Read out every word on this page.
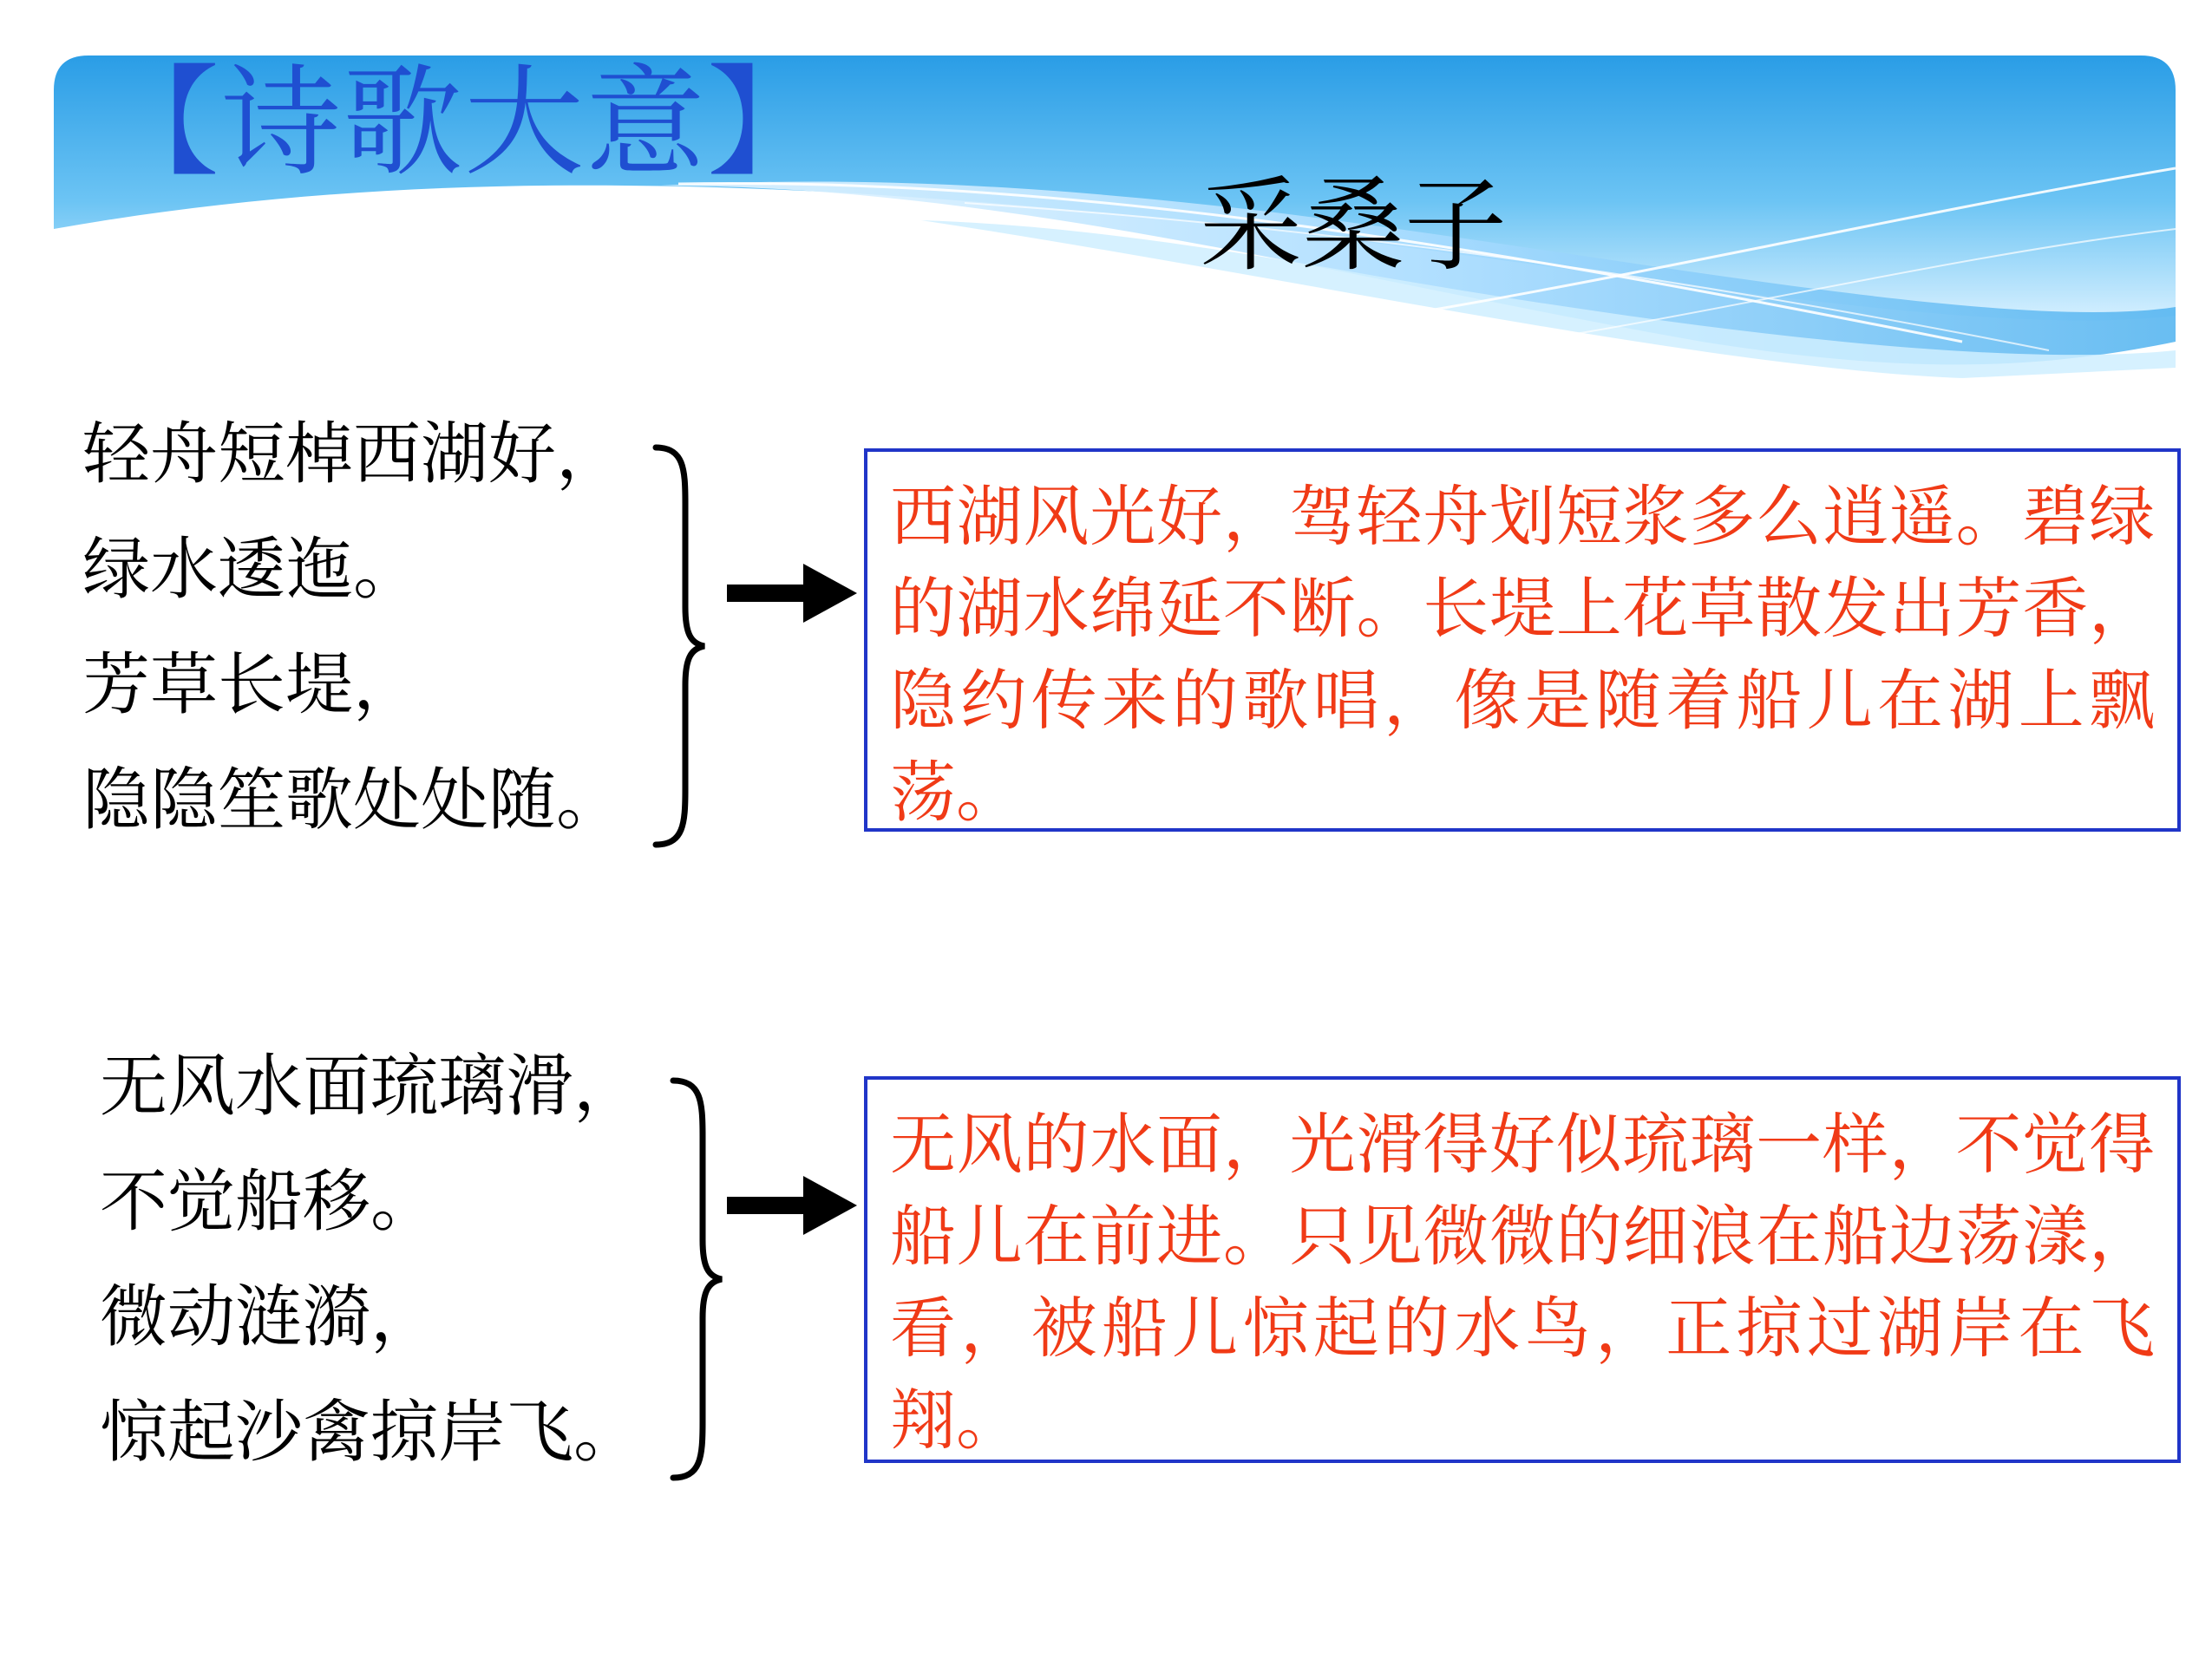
【诗歌大意】
采桑子
轻舟短棹西湖好，
绿水逶迤。
芳草长堤，
隐隐笙歌处处随。
西湖风光好，驾轻舟划短浆多么逍遥。碧绿的湖水绵延不断。长堤上花草散发出芳香，隐约传来的歌唱，像是随着船儿在湖上飘荡。
无风水面琉璃滑，
不觉船移。
微动涟漪，
惊起沙禽掠岸飞。
无风的水面，光滑得好似琉璃一样，不觉得船儿在前进。只见微微的细浪在船边荡漾，看，被船儿惊起的水鸟，正掠过湖岸在飞翔。
